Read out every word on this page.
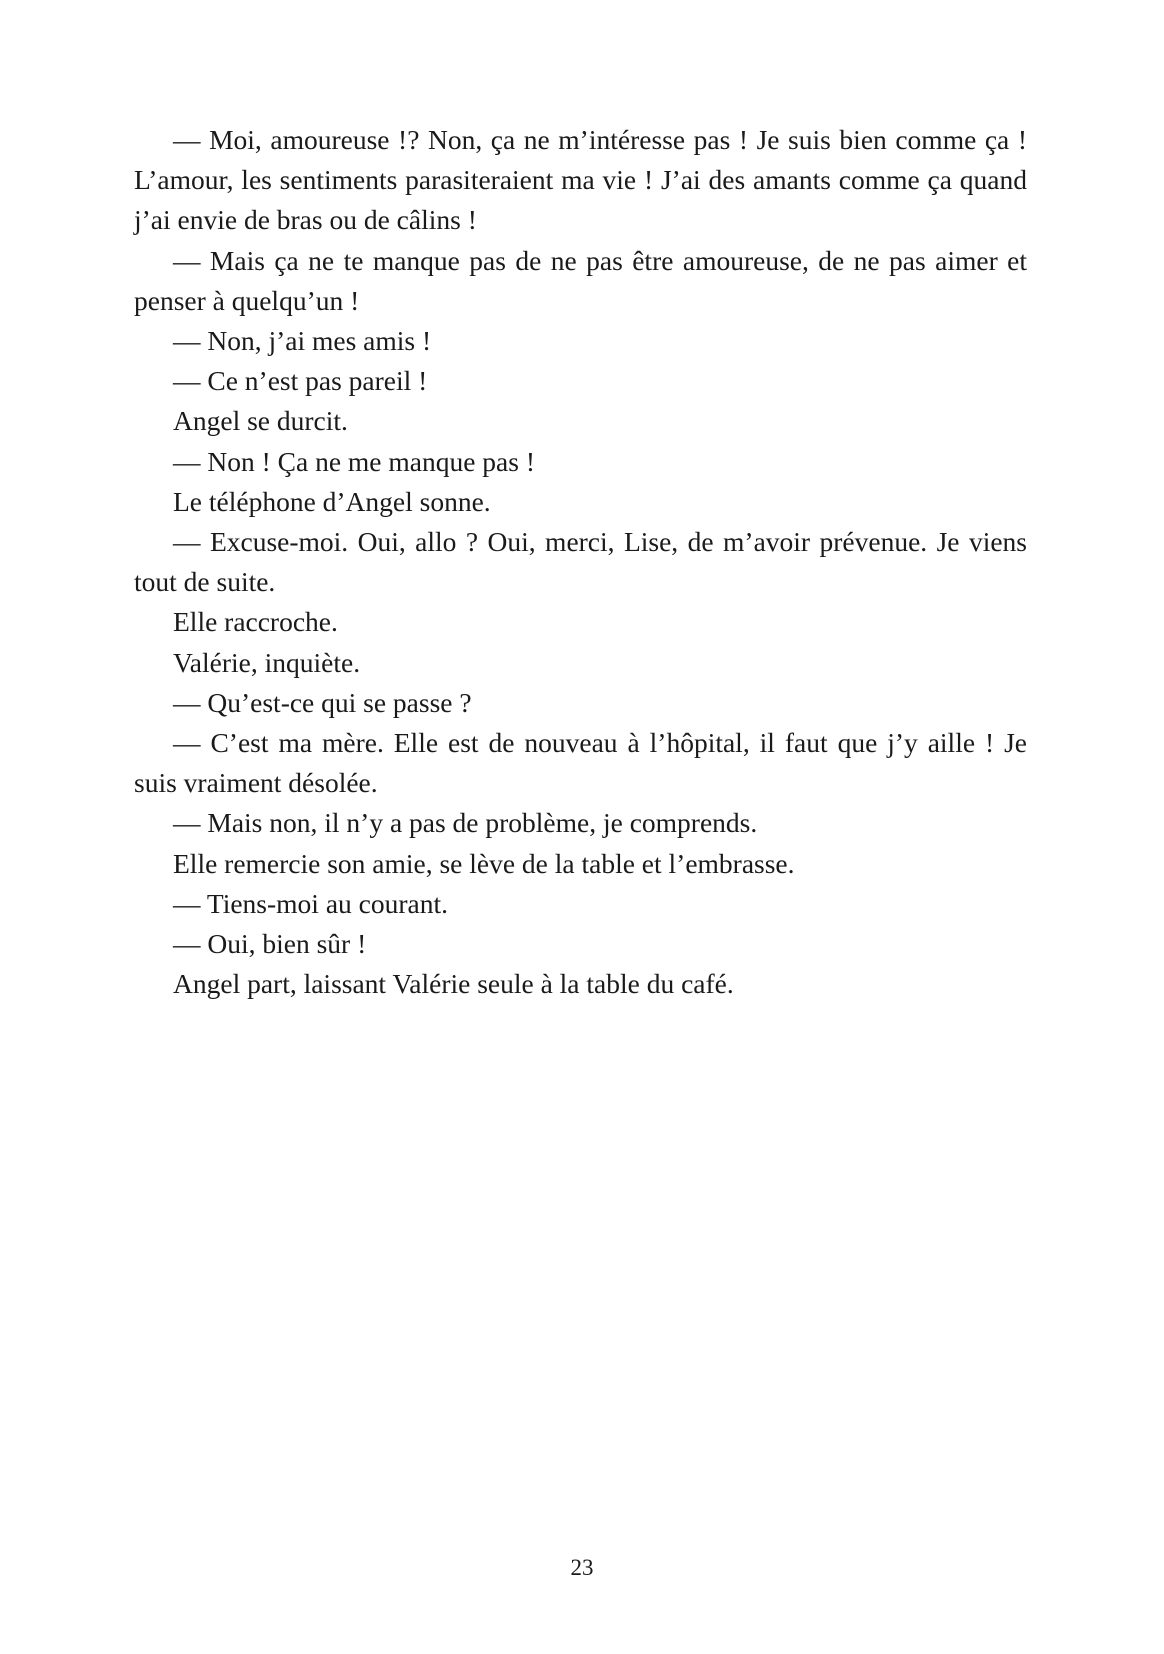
— Moi, amoureuse !? Non, ça ne m’intéresse pas ! Je suis bien comme ça ! L’amour, les sentiments parasiteraient ma vie ! J’ai des amants comme ça quand j’ai envie de bras ou de câlins !

— Mais ça ne te manque pas de ne pas être amoureuse, de ne pas aimer et penser à quelqu’un !

— Non, j’ai mes amis !

— Ce n’est pas pareil !

Angel se durcit.

— Non ! Ça ne me manque pas !

Le téléphone d’Angel sonne.

— Excuse-moi. Oui, allo ? Oui, merci, Lise, de m’avoir prévenue. Je viens tout de suite.

Elle raccroche.

Valérie, inquiète.

— Qu’est-ce qui se passe ?

— C’est ma mère. Elle est de nouveau à l’hôpital, il faut que j’y aille ! Je suis vraiment désolée.

— Mais non, il n’y a pas de problème, je comprends.

Elle remercie son amie, se lève de la table et l’embrasse.

— Tiens-moi au courant.

— Oui, bien sûr !

Angel part, laissant Valérie seule à la table du café.

23
